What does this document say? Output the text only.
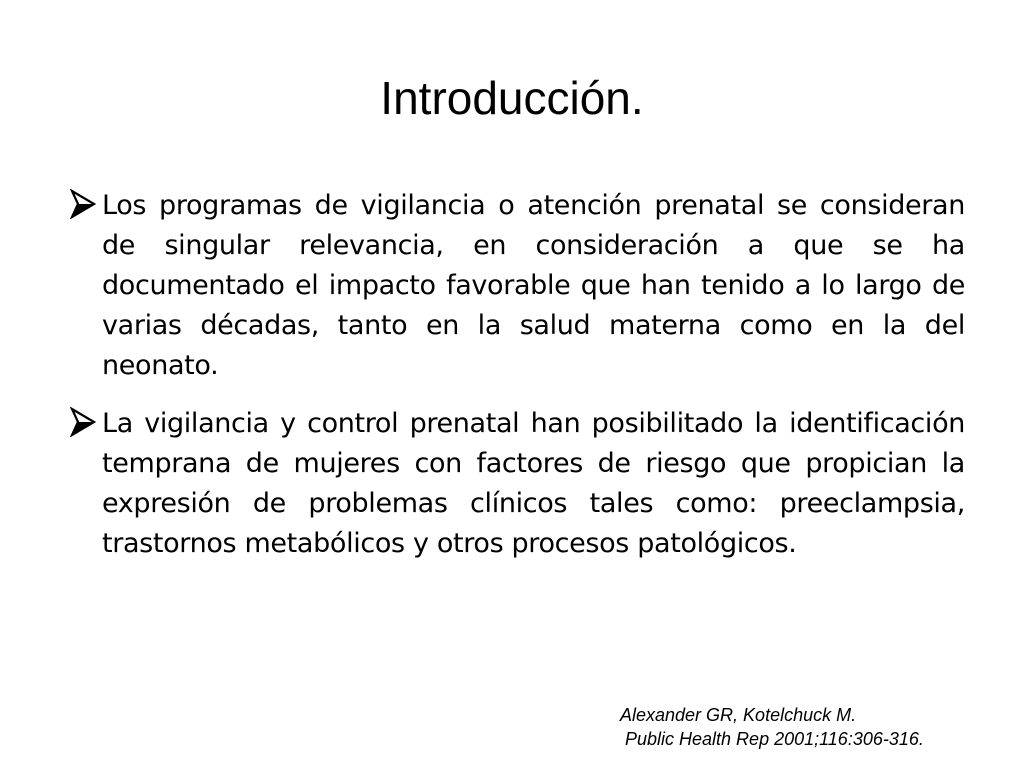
Introducción.
Los programas de vigilancia o atención prenatal se consideran de singular relevancia, en consideración a que se ha documentado el impacto favorable que han tenido a lo largo de varias décadas, tanto en la salud materna como en la del neonato.
La vigilancia y control prenatal han posibilitado la identificación temprana de mujeres con factores de riesgo que propician la expresión de problemas clínicos tales como: preeclampsia, trastornos metabólicos y otros procesos patológicos.
Alexander GR, Kotelchuck M.
Public Health Rep 2001;116:306-316.
